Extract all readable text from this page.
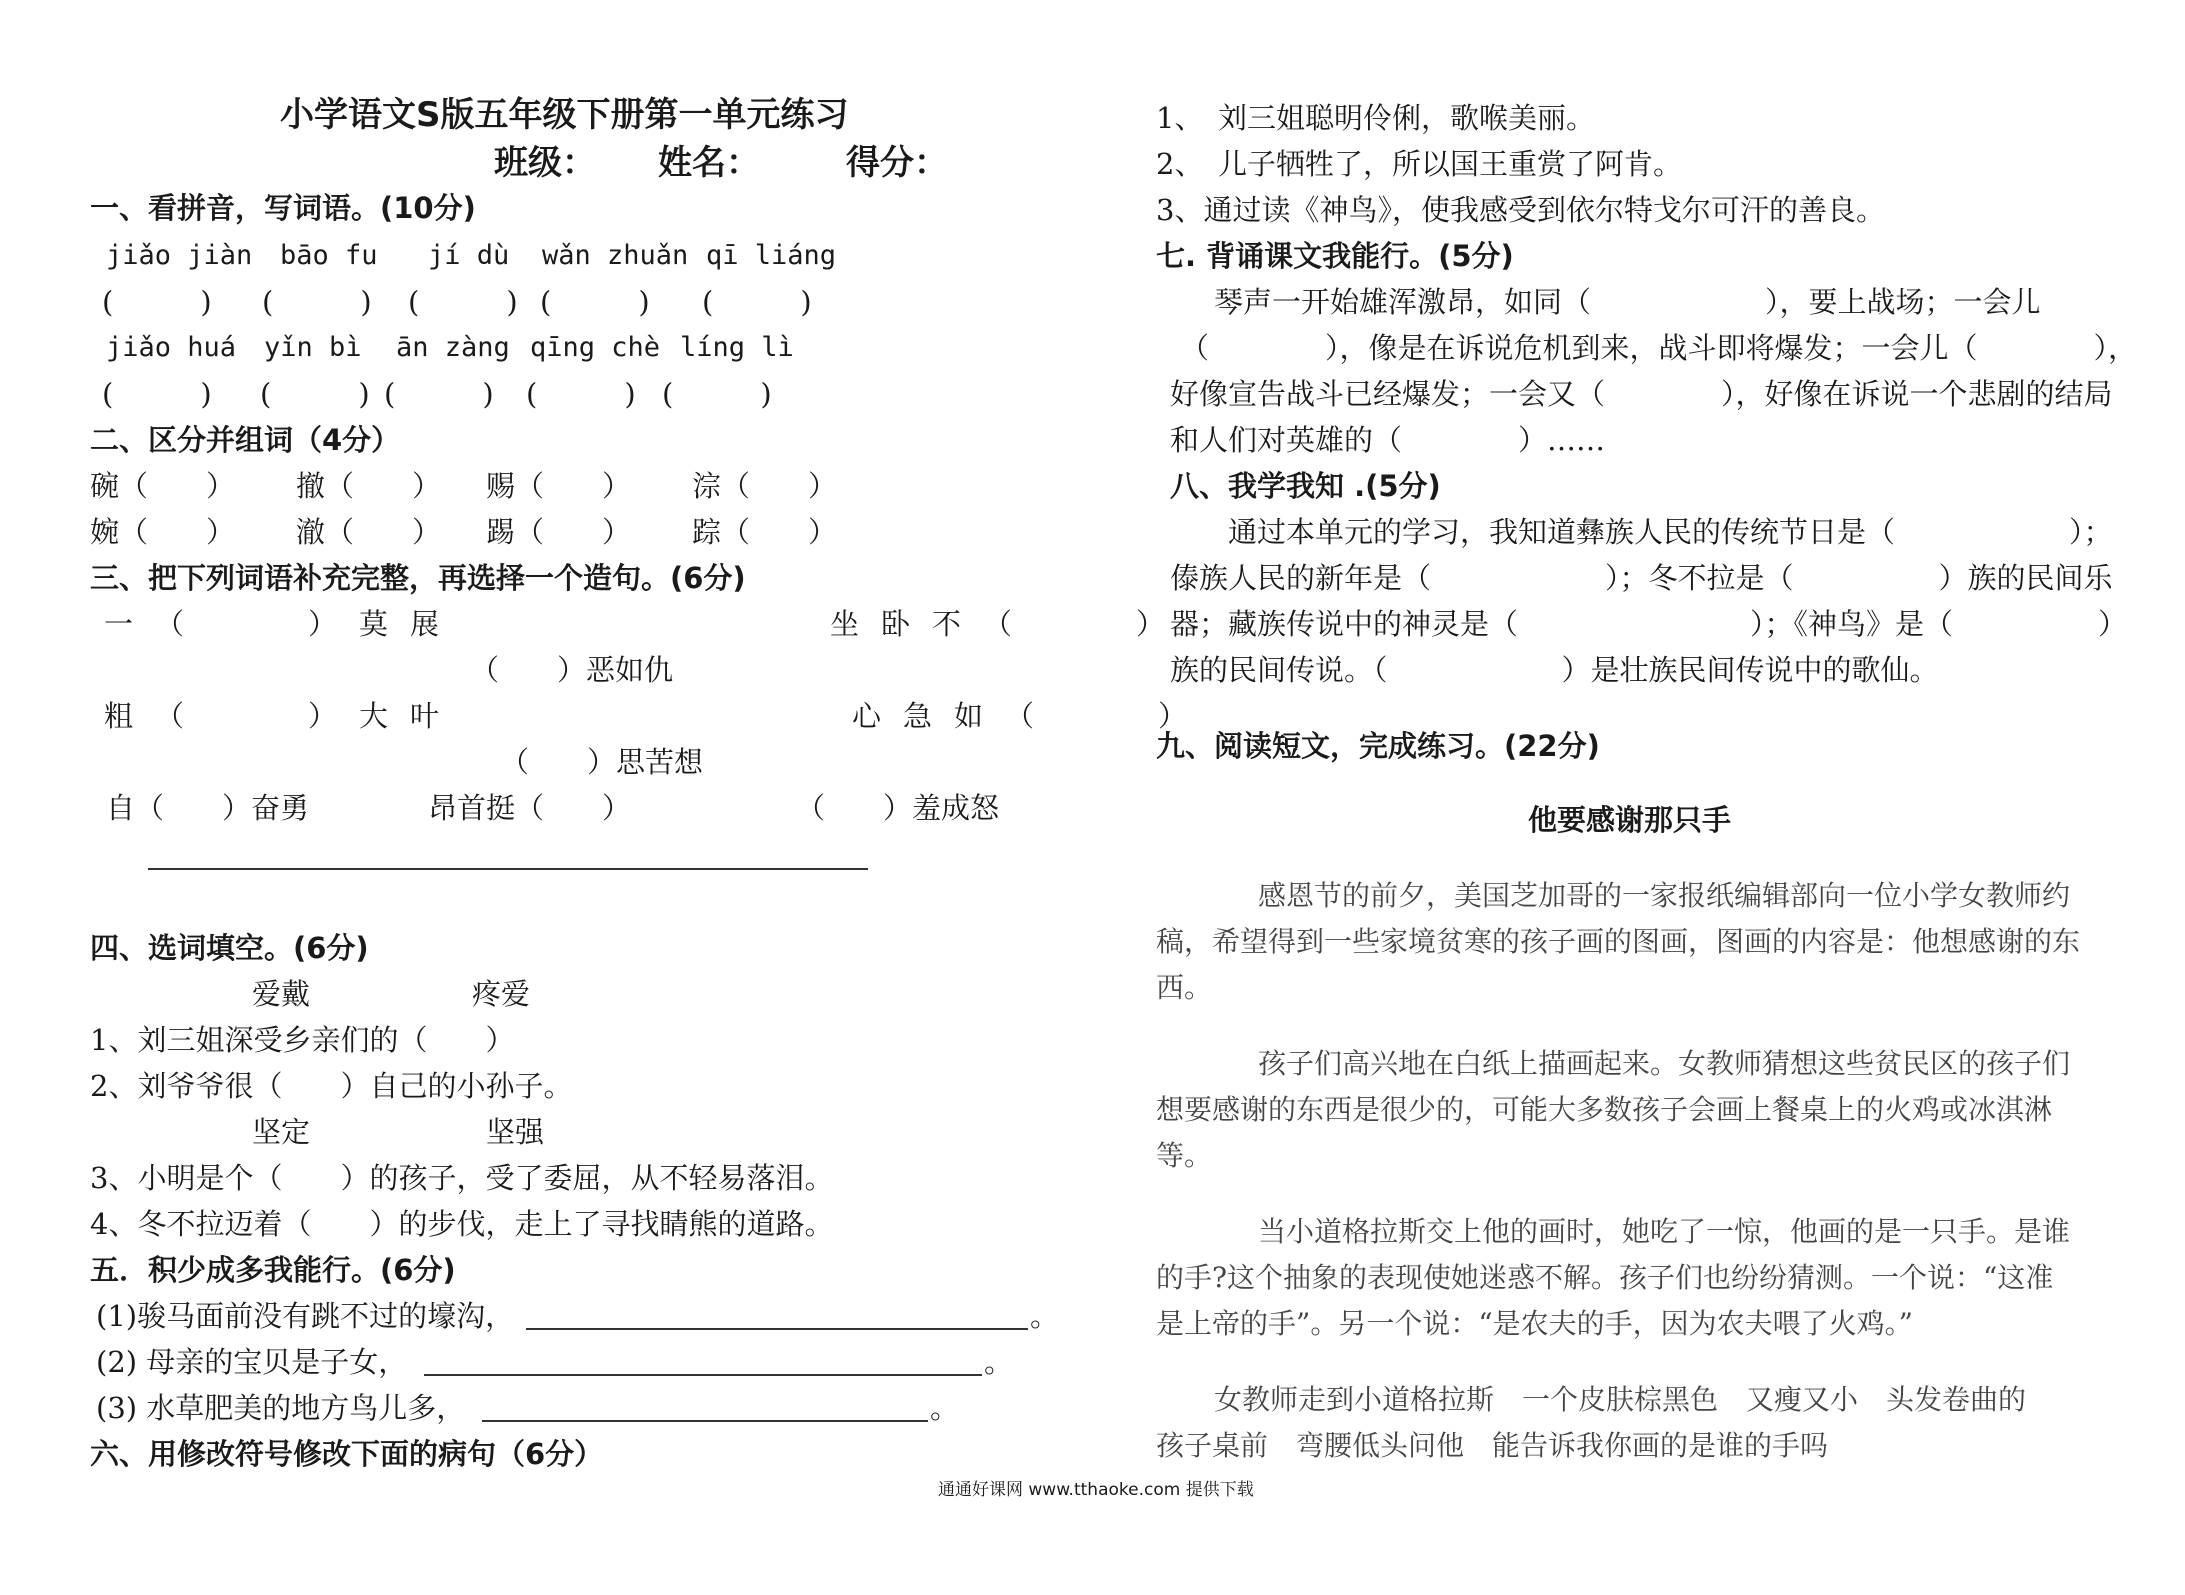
小学语文S版五年级下册第一单元练习
班级： 姓名：	得分：
一、看拼音，写词语。(10分)
jiǎo jiàn bāo fu jí dù wǎn zhuǎn qī liáng
(　　　) (　　　) (　　　) (　　　) (　　　)
jiǎo huá yǐn bì ān zàng qīng chè líng lì
(　　　) (　　　) (　　　) (　　　) (　　　)
二、区分并组词（4分）
碗（　　） 撤（　　） 赐（　　） 淙（　　）
婉（　　） 澈（　　） 踢（　　） 踪（　　）
三、把下列词语补充完整，再选择一个造句。(6分)
一（　　）莫展	坐卧不（　　）
（　　）恶如仇
粗（　　）大叶	心急如（　　）
（　　）思苦想
自（　　）奋勇	昂首挺（　　）	（　　）羞成怒
四、选词填空。(6分)
爱戴	疼爱
1、刘三姐深受乡亲们的（　　）
2、刘爷爷很（　　）自己的小孙子。
坚定	坚强
3、小明是个（　　）的孩子，受了委屈，从不轻易落泪。
4、冬不拉迈着（　　）的步伐，走上了寻找睛熊的道路。
五．积少成多我能行。(6分)
(1)骏马面前没有跳不过的壕沟，	。
(2) 母亲的宝贝是子女，	。
(3) 水草肥美的地方鸟儿多，	。
六、用修改符号修改下面的病句（6分）
1、　刘三姐聪明伶俐，歌喉美丽。
2、　儿子牺牲了，所以国王重赏了阿肯。
3、通过读《神鸟》，使我感受到依尔特戈尔可汗的善良。
七. 背诵课文我能行。(5分)
琴声一开始雄浑激昂，如同（　　　　　　），要上战场；一会儿
（　　　　），像是在诉说危机到来，战斗即将爆发；一会儿（　　　　），
好像宣告战斗已经爆发；一会又（　　　　），好像在诉说一个悲剧的结局
和人们对英雄的（　　　　）……
八、我学我知 .(5分)
通过本单元的学习，我知道彝族人民的传统节日是（　　　　　　）；
傣族人民的新年是（　　　　　　）；冬不拉是（　　　　　）族的民间乐
器；藏族传说中的神灵是（　　　　　　　　）；《神鸟》是（　　　　　）
族的民间传说。（　　　　　　）是壮族民间传说中的歌仙。
九、阅读短文，完成练习。(22分)
他要感谢那只手
感恩节的前夕，美国芝加哥的一家报纸编辑部向一位小学女教师约
稿，希望得到一些家境贫寒的孩子画的图画，图画的内容是：他想感谢的东
西。
孩子们高兴地在白纸上描画起来。女教师猜想这些贫民区的孩子们
想要感谢的东西是很少的，可能大多数孩子会画上餐桌上的火鸡或冰淇淋
等。
当小道格拉斯交上他的画时，她吃了一惊，他画的是一只手。是谁
的手?这个抽象的表现使她迷惑不解。孩子们也纷纷猜测。一个说：“这准
是上帝的手”。另一个说：“是农夫的手，因为农夫喂了火鸡。”
女教师走到小道格拉斯　一个皮肤棕黑色　又瘦又小　头发卷曲的
孩子桌前　弯腰低头问他　能告诉我你画的是谁的手吗
通通好课网 www.tthaoke.com 提供下载
